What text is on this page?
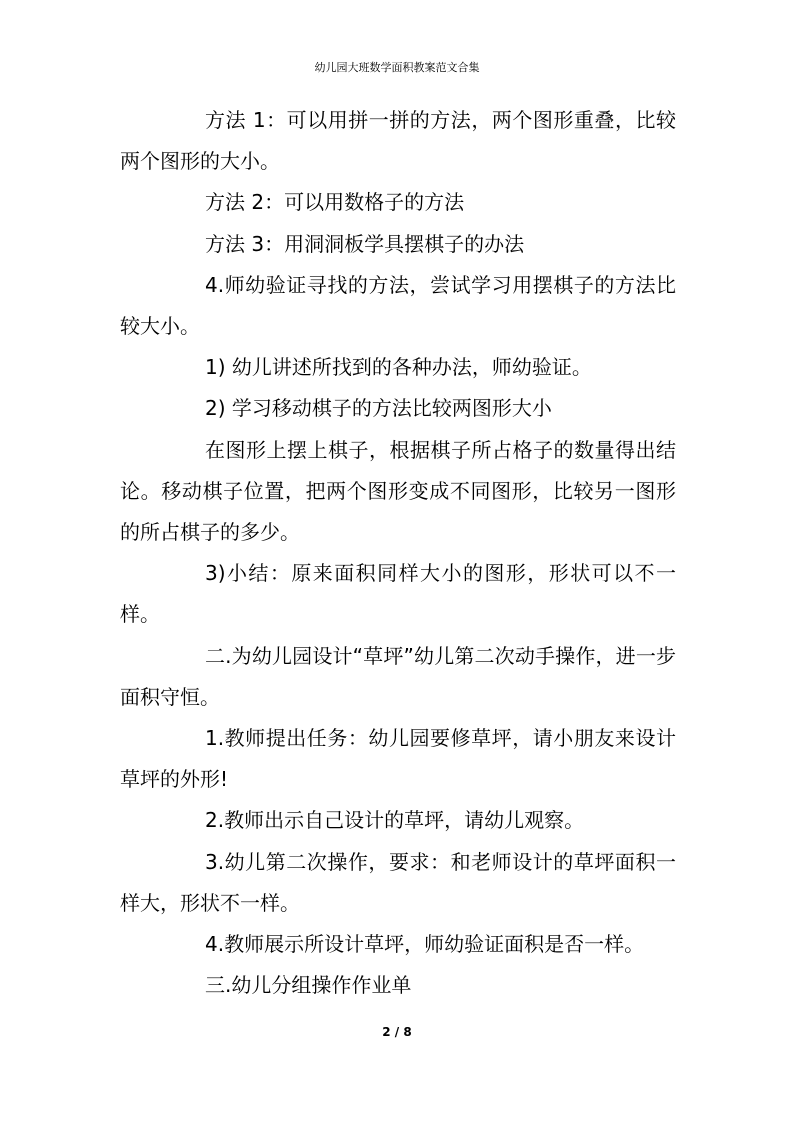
幼儿园大班数学面积教案范文合集

方法 1：可以用拼一拼的方法，两个图形重叠，比较两个图形的大小。

方法 2：可以用数格子的方法

方法 3：用洞洞板学具摆棋子的办法

4.师幼验证寻找的方法，尝试学习用摆棋子的方法比较大小。

1) 幼儿讲述所找到的各种办法，师幼验证。

2) 学习移动棋子的方法比较两图形大小

在图形上摆上棋子，根据棋子所占格子的数量得出结论。移动棋子位置，把两个图形变成不同图形，比较另一图形的所占棋子的多少。

3)小结：原来面积同样大小的图形，形状可以不一样。

二.为幼儿园设计“草坪”幼儿第二次动手操作，进一步面积守恒。

1.教师提出任务：幼儿园要修草坪，请小朋友来设计草坪的外形!

2.教师出示自己设计的草坪，请幼儿观察。

3.幼儿第二次操作，要求：和老师设计的草坪面积一样大，形状不一样。

4.教师展示所设计草坪，师幼验证面积是否一样。

三.幼儿分组操作作业单

2 / 8
